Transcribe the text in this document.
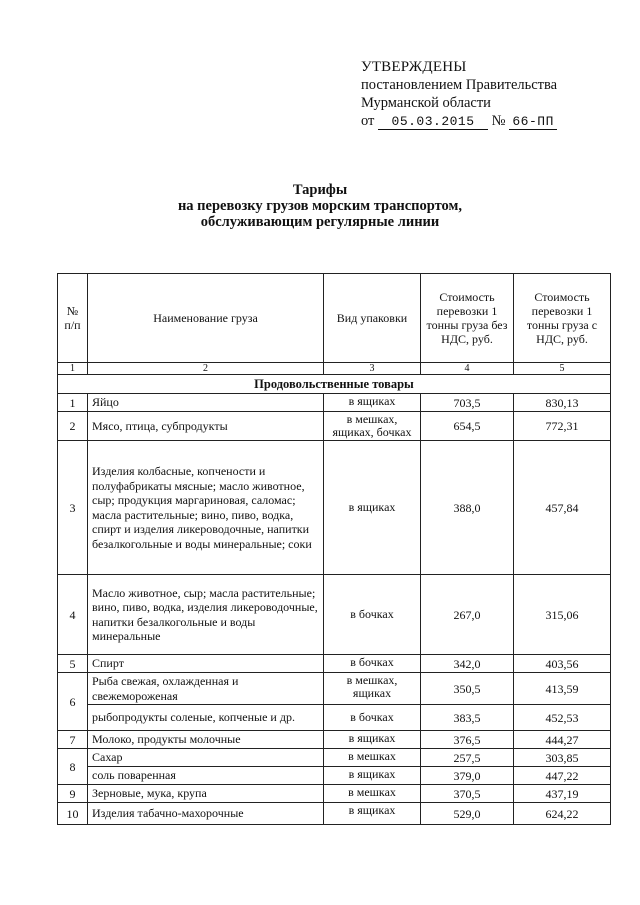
УТВЕРЖДЕНЫ
постановлением Правительства
Мурманской области
от 05.03.2015 № 66-ПП
Тарифы
на перевозку грузов морским транспортом,
обслуживающим регулярные линии
№ п/п	Наименование груза	Вид упаковки	Стоимость перевозки 1 тонны груза без НДС, руб.	Стоимость перевозки 1 тонны груза с НДС, руб.
1	2	3	4	5
Продовольственные товары				
1	Яйцо	в ящиках	703,5	830,13
2	Мясо, птица, субпродукты	в мешках, ящиках, бочках	654,5	772,31
3	Изделия колбасные, копчености и полуфабрикаты мясные; масло животное, сыр; продукция маргариновая, саломас; масла растительные; вино, пиво, водка, спирт и изделия ликероводочные, напитки безалкогольные и воды минеральные; соки	в ящиках	388,0	457,84
4	Масло животное, сыр; масла растительные; вино, пиво, водка, изделия ликероводочные, напитки безалкогольные и воды минеральные	в бочках	267,0	315,06
5	Спирт	в бочках	342,0	403,56
6	Рыба свежая, охлажденная и свежемороженая	в мешках, ящиках	350,5	413,59
	рыбопродукты соленые, копченые и др.	в бочках	383,5	452,53
7	Молоко, продукты молочные	в ящиках	376,5	444,27
8	Сахар	в мешках	257,5	303,85
	соль поваренная	в ящиках	379,0	447,22
9	Зерновые, мука, крупа	в мешках	370,5	437,19
10	Изделия табачно-махорочные	в ящиках	529,0	624,22
